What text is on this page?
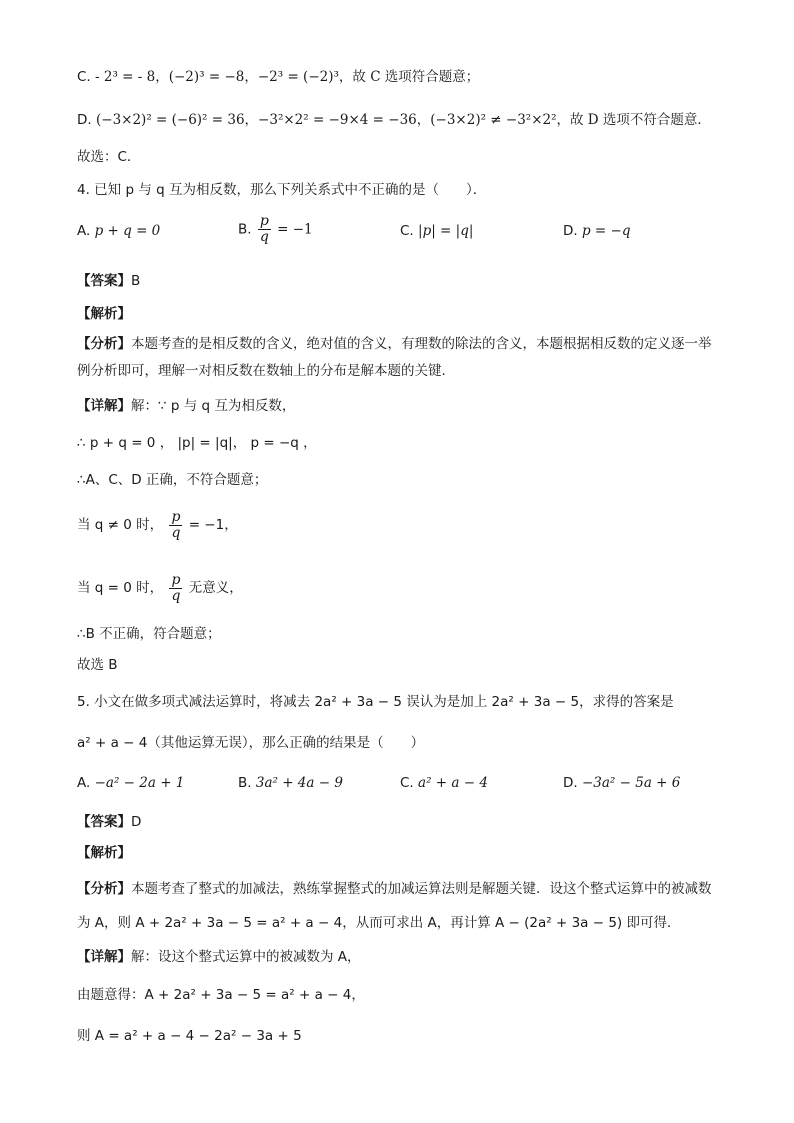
C. - 2³ = - 8，(−2)³ = −8，−2³ = (−2)³，故 C 选项符合题意；
D. (−3×2)² = (−6)² = 36，−3²×2² = −9×4 = −36，(−3×2)² ≠ −3²×2²，故 D 选项不符合题意．
故选：C．
4. 已知 p 与 q 互为相反数，那么下列关系式中不正确的是（　　）．
A. p + q = 0	B. $\frac{p}{q} = -1$	C. |p| = |q|	D. p = −q
【答案】B
【解析】
【分析】本题考查的是相反数的含义，绝对值的含义，有理数的除法的含义，本题根据相反数的定义逐一举例分析即可，理解一对相反数在数轴上的分布是解本题的关键．
【详解】解：∵ p 与 q 互为相反数，
∴ p + q = 0 ， |p| = |q|， p = −q ，
∴A、C、D 正确，不符合题意；
当 q ≠ 0 时， $\frac{p}{q} = -1$，
当 q = 0 时， $\frac{p}{q}$ 无意义，
∴B 不正确，符合题意；
故选 B
5. 小文在做多项式减法运算时，将减去 2a² + 3a − 5 误认为是加上 2a² + 3a − 5，求得的答案是
a² + a − 4（其他运算无误），那么正确的结果是（　　）
A. −a² − 2a + 1	B. 3a² + 4a − 9	C. a² + a − 4	D. −3a² − 5a + 6
【答案】D
【解析】
【分析】本题考查了整式的加减法，熟练掌握整式的加减运算法则是解题关键．设这个整式运算中的被减数为 A，则 A + 2a² + 3a − 5 = a² + a − 4，从而可求出 A，再计算 A − (2a² + 3a − 5) 即可得．
【详解】解：设这个整式运算中的被减数为 A，
由题意得：A + 2a² + 3a − 5 = a² + a − 4，
则 A = a² + a − 4 − 2a² − 3a + 5
